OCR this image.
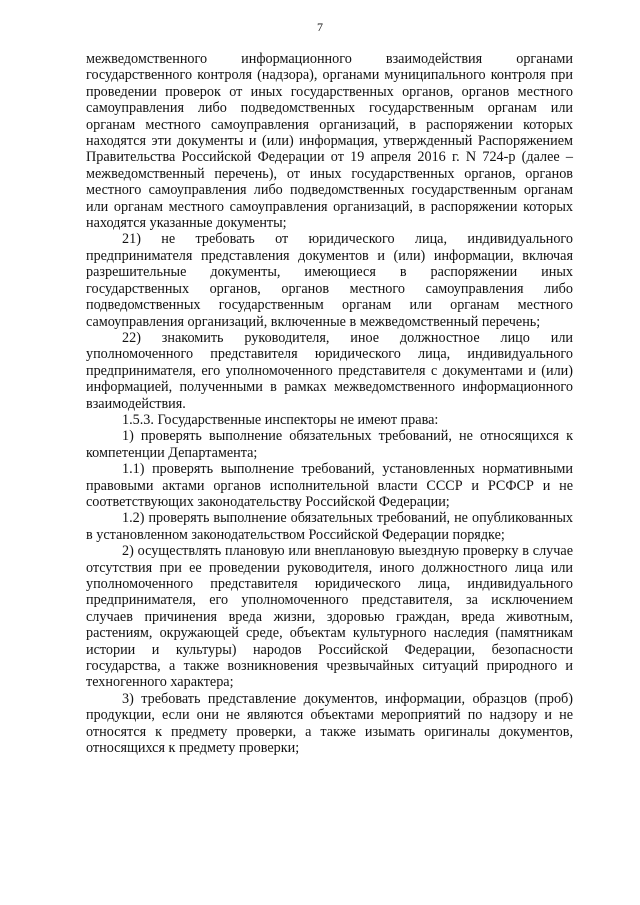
7

межведомственного информационного взаимодействия органами государственного контроля (надзора), органами муниципального контроля при проведении проверок от иных государственных органов, органов местного самоуправления либо подведомственных государственным органам или органам местного самоуправления организаций, в распоряжении которых находятся эти документы и (или) информация, утвержденный Распоряжением Правительства Российской Федерации от 19 апреля 2016 г. N 724-р (далее – межведомственный перечень), от иных государственных органов, органов местного самоуправления либо подведомственных государственным органам или органам местного самоуправления организаций, в распоряжении которых находятся указанные документы;

21) не требовать от юридического лица, индивидуального предпринимателя представления документов и (или) информации, включая разрешительные документы, имеющиеся в распоряжении иных государственных органов, органов местного самоуправления либо подведомственных государственным органам или органам местного самоуправления организаций, включенные в межведомственный перечень;

22) знакомить руководителя, иное должностное лицо или уполномоченного представителя юридического лица, индивидуального предпринимателя, его уполномоченного представителя с документами и (или) информацией, полученными в рамках межведомственного информационного взаимодействия.

1.5.3. Государственные инспекторы не имеют права:

1) проверять выполнение обязательных требований, не относящихся к компетенции Департамента;

1.1) проверять выполнение требований, установленных нормативными правовыми актами органов исполнительной власти СССР и РСФСР и не соответствующих законодательству Российской Федерации;

1.2) проверять выполнение обязательных требований, не опубликованных в установленном законодательством Российской Федерации порядке;

2) осуществлять плановую или внеплановую выездную проверку в случае отсутствия при ее проведении руководителя, иного должностного лица или уполномоченного представителя юридического лица, индивидуального предпринимателя, его уполномоченного представителя, за исключением случаев причинения вреда жизни, здоровью граждан, вреда животным, растениям, окружающей среде, объектам культурного наследия (памятникам истории и культуры) народов Российской Федерации, безопасности государства, а также возникновения чрезвычайных ситуаций природного и техногенного характера;

3) требовать представление документов, информации, образцов (проб) продукции, если они не являются объектами мероприятий по надзору и не относятся к предмету проверки, а также изымать оригиналы документов, относящихся к предмету проверки;
